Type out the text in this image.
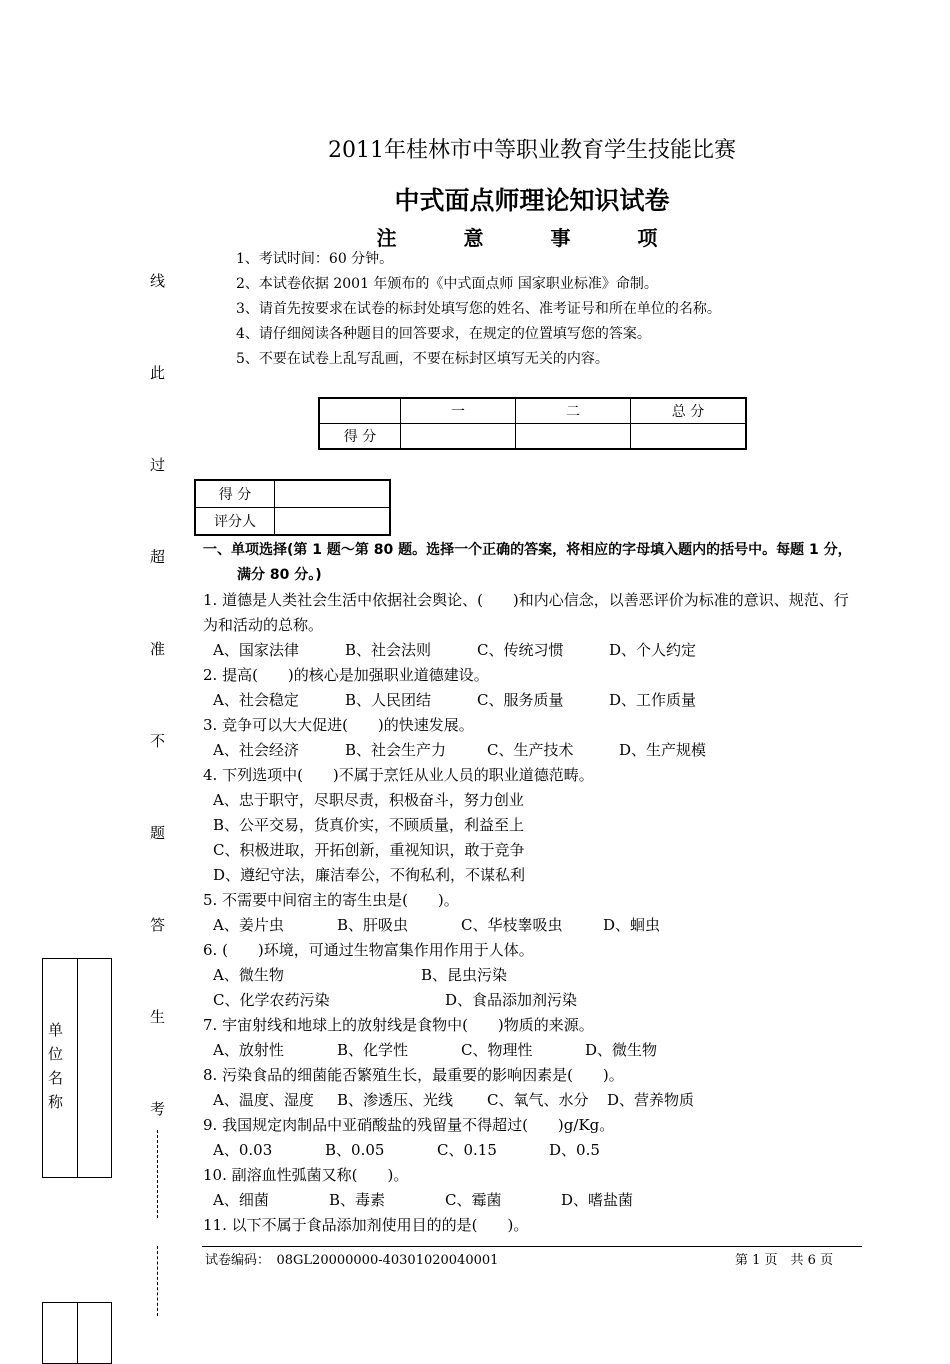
2011年桂林市中等职业教育学生技能比赛
中式面点师理论知识试卷
注 意 事 项
1、考试时间：60 分钟。
2、本试卷依据 2001 年颁布的《中式面点师 国家职业标准》命制。
3、请首先按要求在试卷的标封处填写您的姓名、准考证号和所在单位的名称。
4、请仔细阅读各种题目的回答要求，在规定的位置填写您的答案。
5、不要在试卷上乱写乱画，不要在标封区填写无关的内容。
	一	二	总 分
得 分			
得 分	
评分人	
一、单项选择(第 1 题～第 80 题。选择一个正确的答案，将相应的字母填入题内的括号中。每题 1 分，满分 80 分。)
1. 道德是人类社会生活中依据社会舆论、(　　)和内心信念，以善恶评价为标准的意识、规范、行为和活动的总称。
A、国家法律	B、社会法则	C、传统习惯	D、个人约定
2. 提高(　　)的核心是加强职业道德建设。
A、社会稳定	B、人民团结	C、服务质量	D、工作质量
3. 竞争可以大大促进(　　)的快速发展。
A、社会经济	B、社会生产力	C、生产技术	D、生产规模
4. 下列选项中(　　)不属于烹饪从业人员的职业道德范畴。
A、忠于职守，尽职尽责，积极奋斗，努力创业
B、公平交易，货真价实，不顾质量，利益至上
C、积极进取，开拓创新，重视知识，敢于竞争
D、遵纪守法，廉洁奉公，不徇私利，不谋私利
5. 不需要中间宿主的寄生虫是(　　)。
A、姜片虫	B、肝吸虫	C、华枝睾吸虫	D、蛔虫
6. (　　)环境，可通过生物富集作用作用于人体。
A、微生物	B、昆虫污染
C、化学农药污染	D、食品添加剂污染
7. 宇宙射线和地球上的放射线是食物中(　　)物质的来源。
A、放射性	B、化学性	C、物理性	D、微生物
8. 污染食品的细菌能否繁殖生长，最重要的影响因素是(　　)。
A、温度、湿度 B、渗透压、光线 C、氧气、水分 D、营养物质
9. 我国规定肉制品中亚硝酸盐的残留量不得超过(　　)g/Kg。
A、0.03	B、0.05	C、0.15	D、0.5
10. 副溶血性弧菌又称(　　)。
A、细菌	B、毒素	C、霉菌	D、嗜盐菌
11. 以下不属于食品添加剂使用目的的是(　　)。
线
此
过
超
准
不
题
答
生
考
单位名称
试卷编码：　08GL20000000-40301020040001	第 1 页　共 6 页
